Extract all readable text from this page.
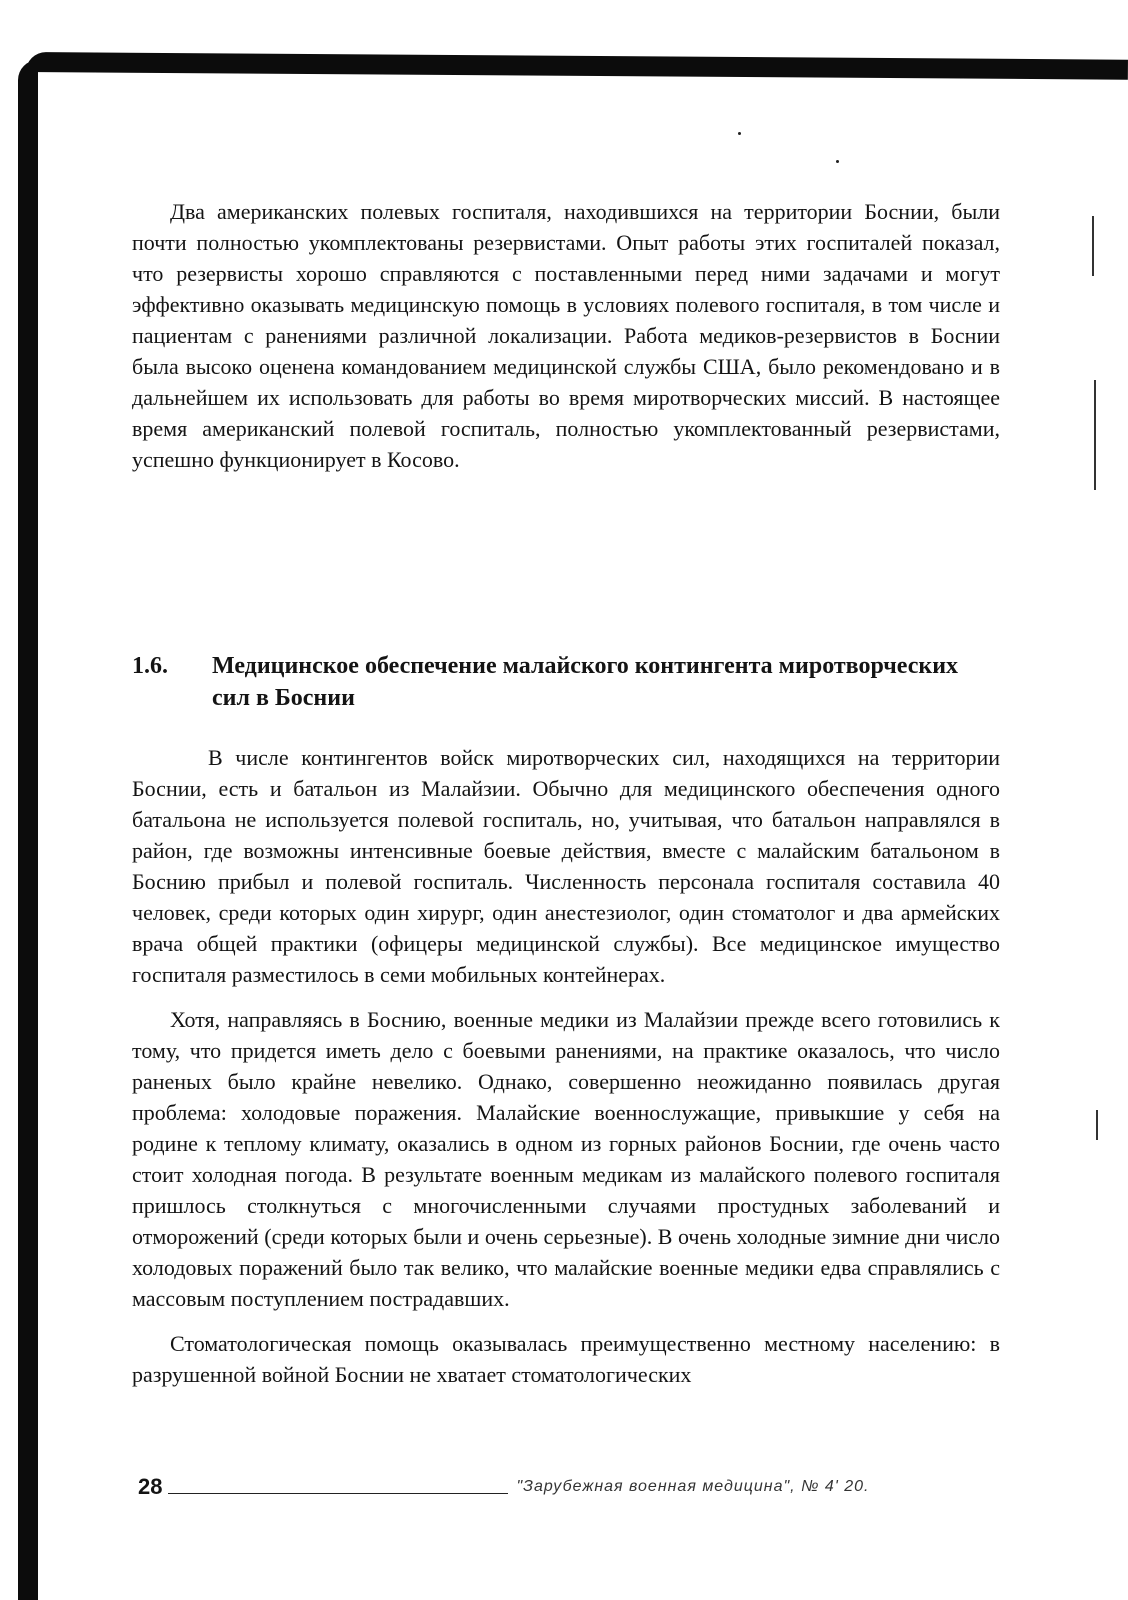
Два американских полевых госпиталя, находившихся на территории Боснии, были почти полностью укомплектованы резервистами. Опыт работы этих госпиталей показал, что резервисты хорошо справляются с поставленными перед ними задачами и могут эффективно оказывать медицинскую помощь в условиях полевого госпиталя, в том числе и пациентам с ранениями различной локализации. Работа медиков-резервистов в Боснии была высоко оценена командованием медицинской службы США, было рекомендовано и в дальнейшем их использовать для работы во время миротворческих миссий. В настоящее время американский полевой госпиталь, полностью укомплектованный резервистами, успешно функционирует в Косово.

1.6.	Медицинское обеспечение малайского контингента миротворческих сил в Боснии

В числе контингентов войск миротворческих сил, находящихся на территории Боснии, есть и батальон из Малайзии. Обычно для медицинского обеспечения одного батальона не используется полевой госпиталь, но, учитывая, что батальон направлялся в район, где возможны интенсивные боевые действия, вместе с малайским батальоном в Боснию прибыл и полевой госпиталь. Численность персонала госпиталя составила 40 человек, среди которых один хирург, один анестезиолог, один стоматолог и два армейских врача общей практики (офицеры медицинской службы). Все медицинское имущество госпиталя разместилось в семи мобильных контейнерах.

Хотя, направляясь в Боснию, военные медики из Малайзии прежде всего готовились к тому, что придется иметь дело с боевыми ранениями, на практике оказалось, что число раненых было крайне невелико. Однако, совершенно неожиданно появилась другая проблема: холодовые поражения. Малайские военнослужащие, привыкшие у себя на родине к теплому климату, оказались в одном из горных районов Боснии, где очень часто стоит холодная погода. В результате военным медикам из малайского полевого госпиталя пришлось столкнуться с многочисленными случаями простудных заболеваний и отморожений (среди которых были и очень серьезные). В очень холодные зимние дни число холодовых поражений было так велико, что малайские военные медики едва справлялись с массовым поступлением пострадавших.

Стоматологическая помощь оказывалась преимущественно местному населению: в разрушенной войной Боснии не хватает стоматологических

28	"Зарубежная военная медицина", № 4' 20.
